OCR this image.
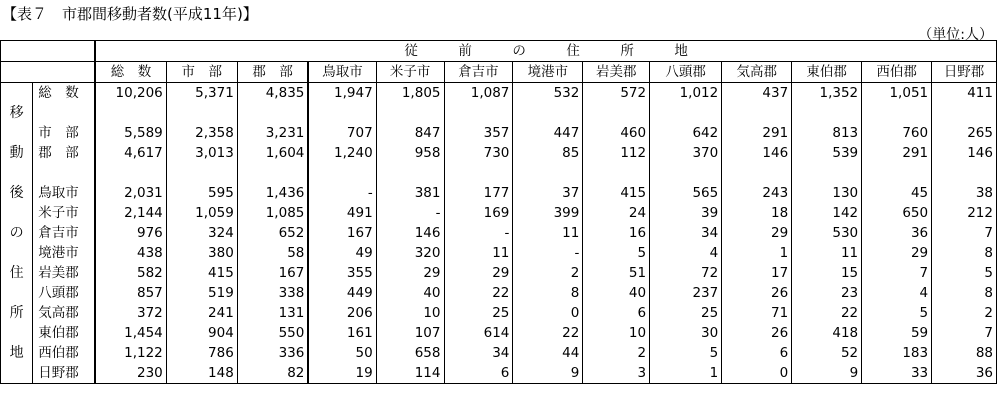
【表７　市郡間移動者数(平成11年)】
（単位:人）
		従　　　前　　　の　　　住　　　所　　　地												
		総　数	市　部	郡　部	鳥取市	米子市	倉吉市	境港市	岩美郡	八頭郡	気高郡	東伯郡	西伯郡	日野郡
	総　数	10,206	5,371	4,835	1,947	1,805	1,087	532	572	1,012	437	1,352	1,051	411
移														
	市　部	5,589	2,358	3,231	707	847	357	447	460	642	291	813	760	265
動	郡　部	4,617	3,013	1,604	1,240	958	730	85	112	370	146	539	291	146

後	鳥取市	2,031	595	1,436	-	381	177	37	415	565	243	130	45	38
	米子市	2,144	1,059	1,085	491	-	169	399	24	39	18	142	650	212
の	倉吉市	976	324	652	167	146	-	11	16	34	29	530	36	7
	境港市	438	380	58	49	320	11	-	5	4	1	11	29	8
住	岩美郡	582	415	167	355	29	29	2	51	72	17	15	7	5
	八頭郡	857	519	338	449	40	22	8	40	237	26	23	4	8
所	気高郡	372	241	131	206	10	25	0	6	25	71	22	5	2
	東伯郡	1,454	904	550	161	107	614	22	10	30	26	418	59	7
地	西伯郡	1,122	786	336	50	658	34	44	2	5	6	52	183	88
	日野郡	230	148	82	19	114	6	9	3	1	0	9	33	36
